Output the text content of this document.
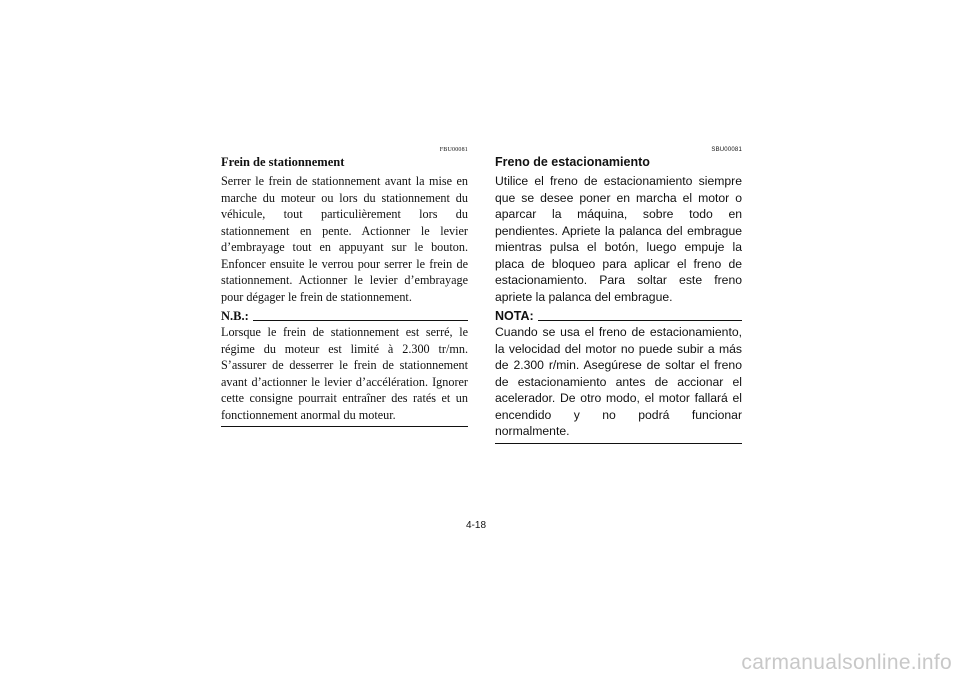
FBU00081
Frein de stationnement

Serrer le frein de stationnement avant la mise en marche du moteur ou lors du stationnement du véhicule, tout particulièrement lors du stationnement en pente. Actionner le levier d’embrayage tout en appuyant sur le bouton. Enfoncer ensuite le verrou pour serrer le frein de stationnement. Actionner le levier d’embrayage pour dégager le frein de stationnement.

N.B.:

Lorsque le frein de stationnement est serré, le régime du moteur est limité à 2.300 tr/mn. S’assurer de desserrer le frein de stationnement avant d’actionner le levier d’accélération. Ignorer cette consigne pourrait entraîner des ratés et un fonctionnement anormal du moteur.

SBU00081
Freno de estacionamiento

Utilice el freno de estacionamiento siempre que se desee poner en marcha el motor o aparcar la máquina, sobre todo en pendientes. Apriete la palanca del embrague mientras pulsa el botón, luego empuje la placa de bloqueo para aplicar el freno de estacionamiento. Para soltar este freno apriete la palanca del embrague.

NOTA:

Cuando se usa el freno de estacionamiento, la velocidad del motor no puede subir a más de 2.300 r/min. Asegúrese de soltar el freno de estacionamiento antes de accionar el acelerador. De otro modo, el motor fallará el encendido y no podrá funcionar normalmente.

4-18
carmanualsonline.info
